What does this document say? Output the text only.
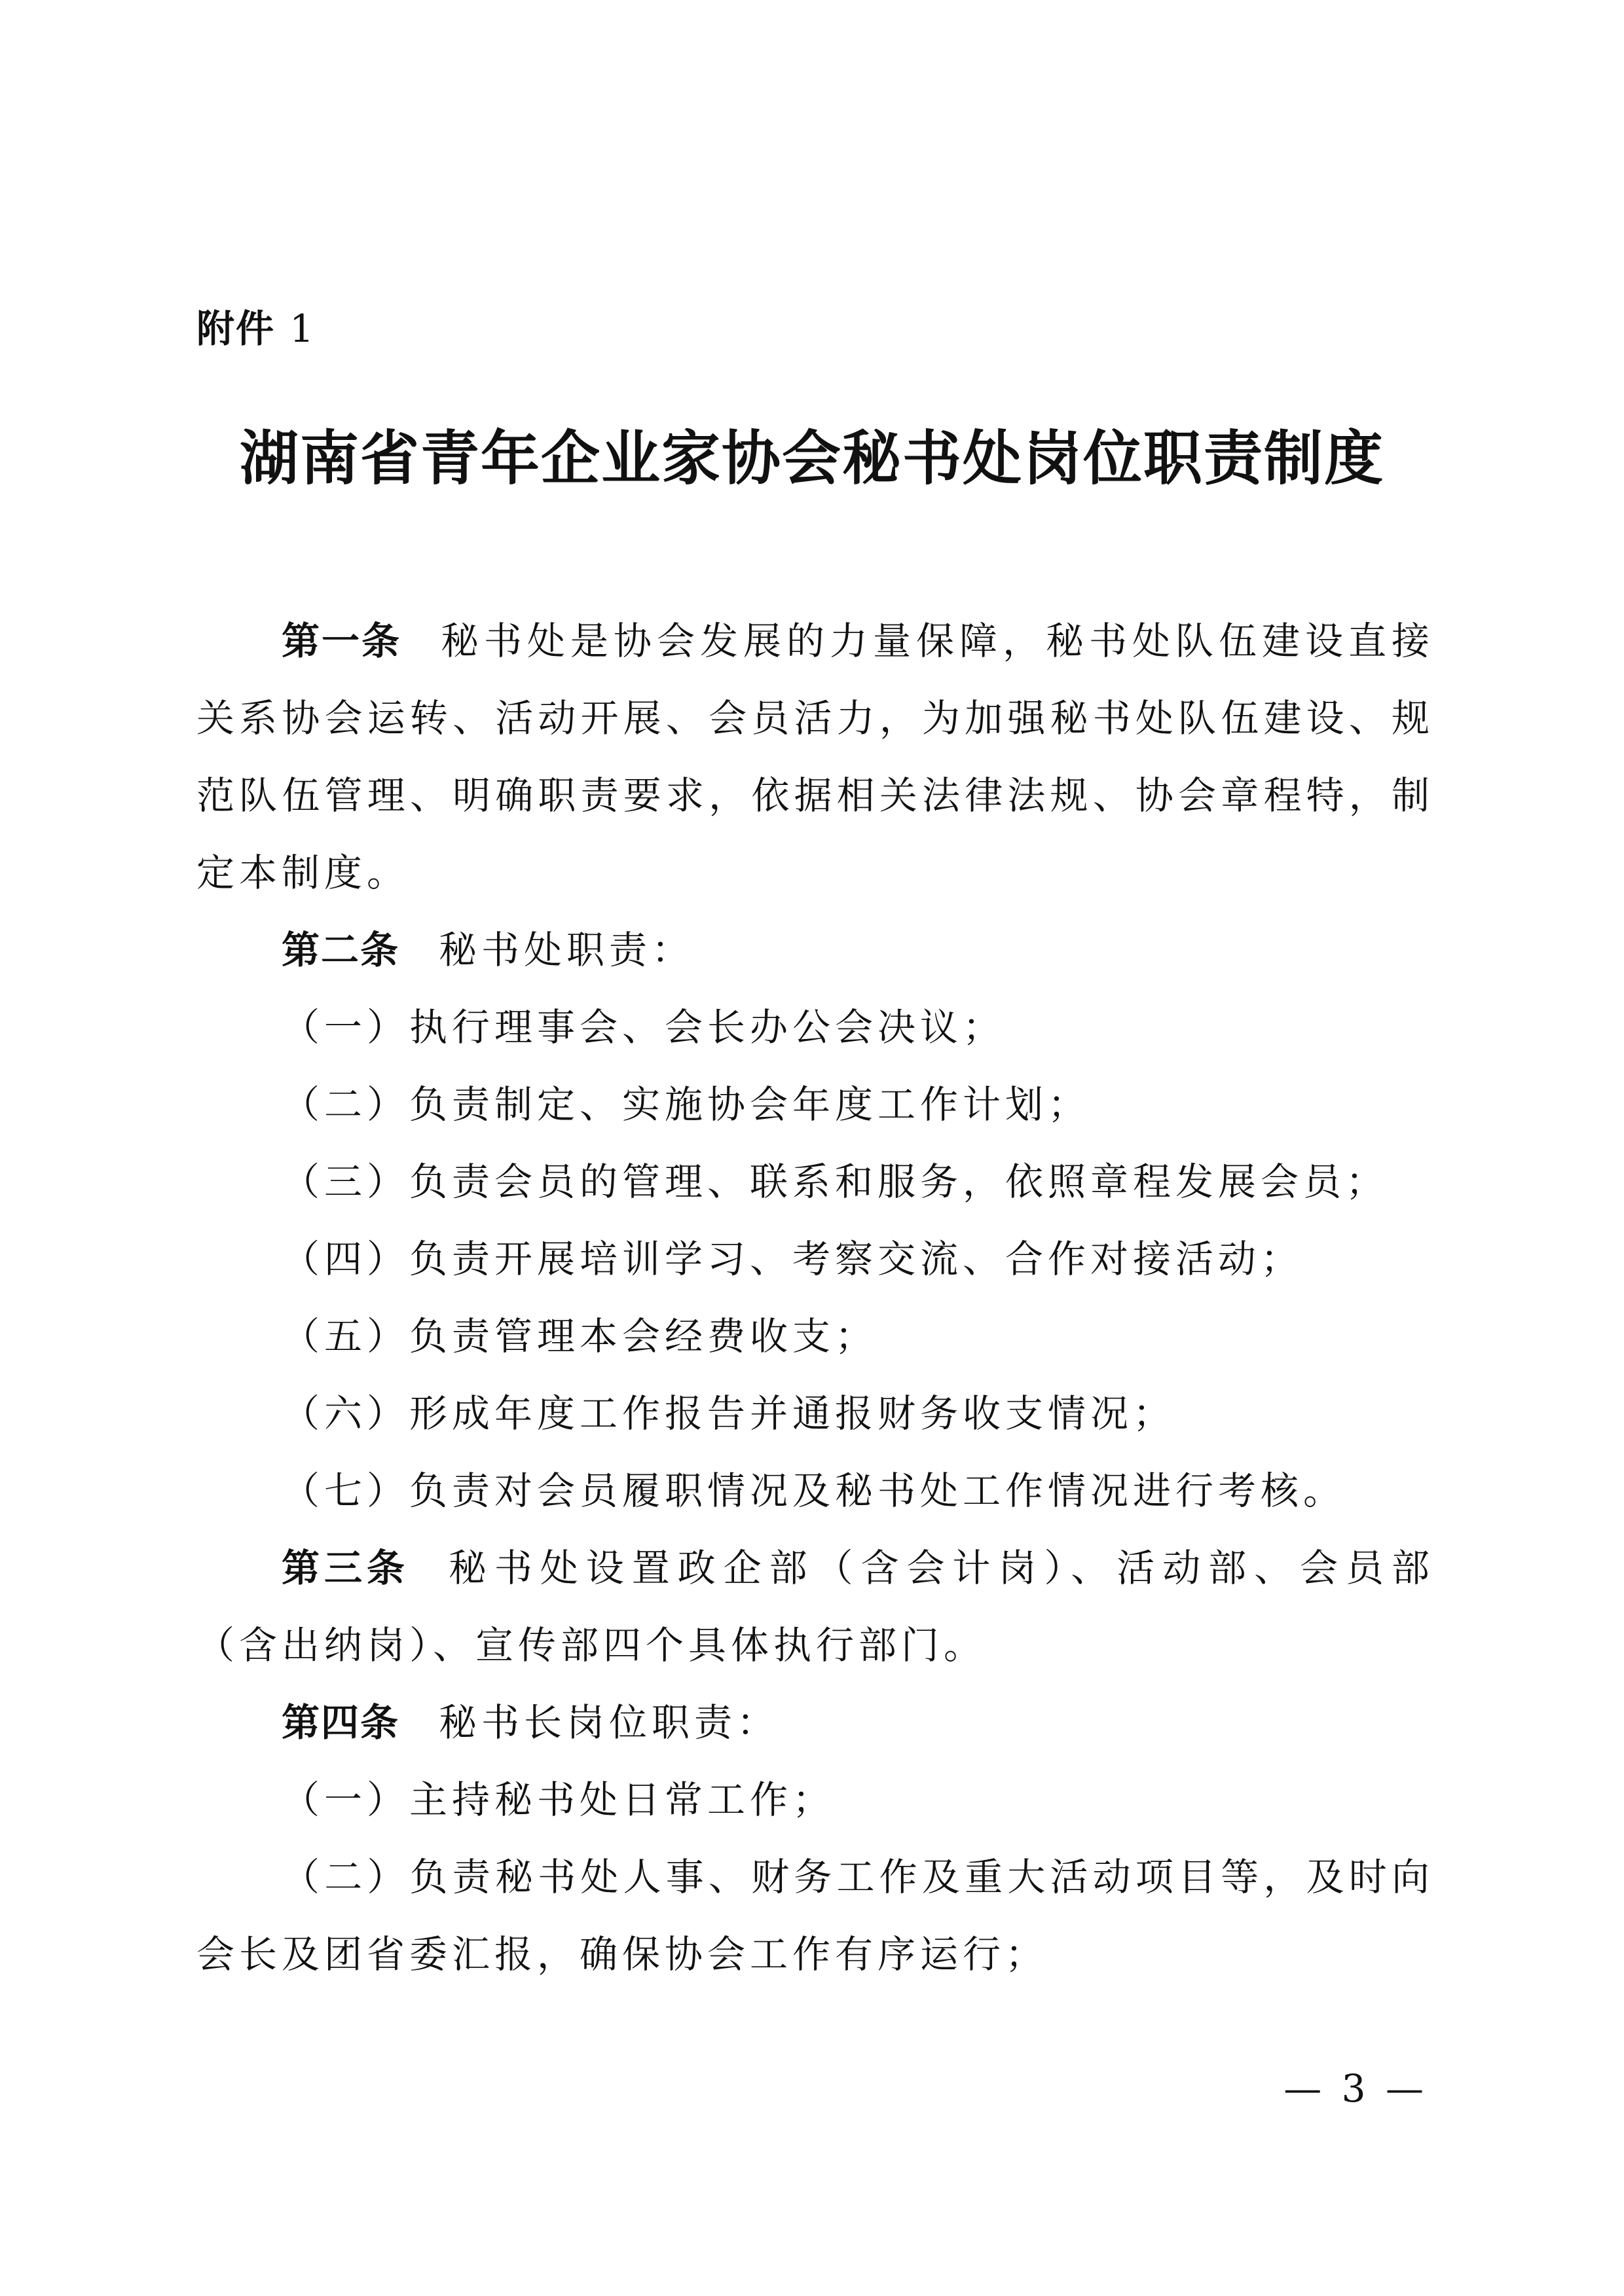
附件 1
湖南省青年企业家协会秘书处岗位职责制度

第一条 秘书处是协会发展的力量保障，秘书处队伍建设直接关系协会运转、活动开展、会员活力，为加强秘书处队伍建设、规范队伍管理、明确职责要求，依据相关法律法规、协会章程特，制定本制度。

第二条 秘书处职责：

（一）执行理事会、会长办公会决议；

（二）负责制定、实施协会年度工作计划；

（三）负责会员的管理、联系和服务，依照章程发展会员；

（四）负责开展培训学习、考察交流、合作对接活动；

（五）负责管理本会经费收支；

（六）形成年度工作报告并通报财务收支情况；

（七）负责对会员履职情况及秘书处工作情况进行考核。

第三条 秘书处设置政企部（含会计岗）、活动部、会员部（含出纳岗）、宣传部四个具体执行部门。

第四条 秘书长岗位职责：

（一）主持秘书处日常工作；

（二）负责秘书处人事、财务工作及重大活动项目等，及时向会长及团省委汇报，确保协会工作有序运行；

— 3 —
